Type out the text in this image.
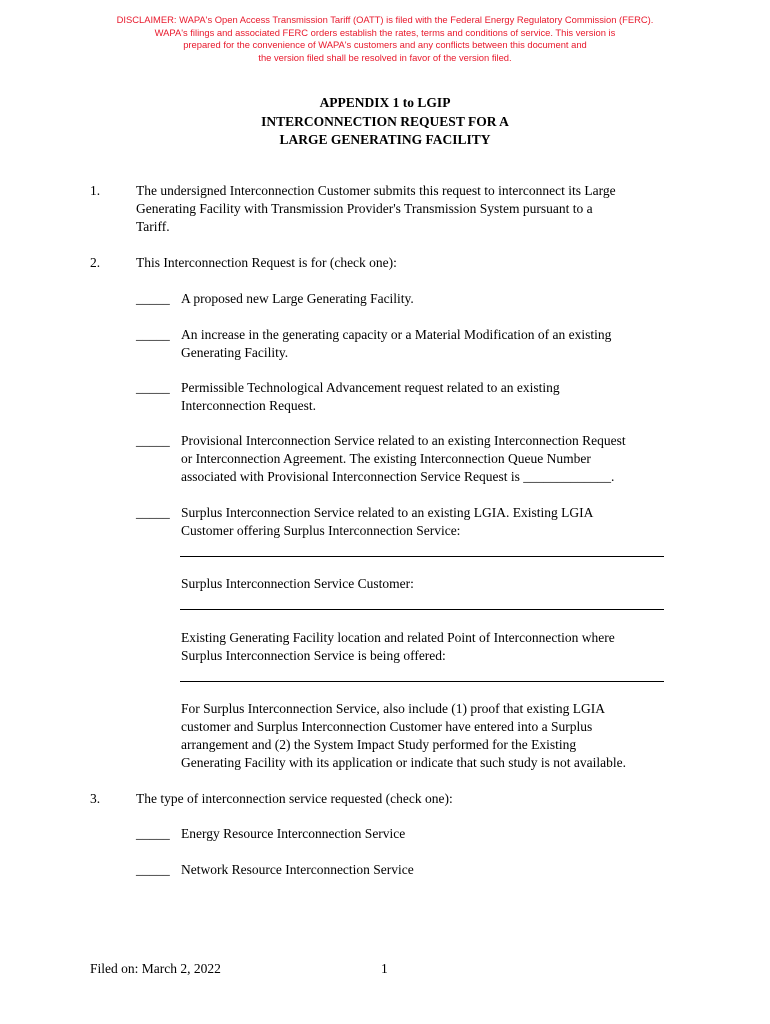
DISCLAIMER: WAPA's Open Access Transmission Tariff (OATT) is filed with the Federal Energy Regulatory Commission (FERC).
WAPA's filings and associated FERC orders establish the rates, terms and conditions of service. This version is
prepared for the convenience of WAPA's customers and any conflicts between this document and
the version filed shall be resolved in favor of the version filed.
APPENDIX 1 to LGIP
INTERCONNECTION REQUEST FOR A
LARGE GENERATING FACILITY
1.	The undersigned Interconnection Customer submits this request to interconnect its Large
Generating Facility with Transmission Provider's Transmission System pursuant to a
Tariff.
2.	This Interconnection Request is for (check one):
_____ A proposed new Large Generating Facility.
_____ An increase in the generating capacity or a Material Modification of an existing
Generating Facility.
_____ Permissible Technological Advancement request related to an existing
Interconnection Request.
_____ Provisional Interconnection Service related to an existing Interconnection Request
or Interconnection Agreement. The existing Interconnection Queue Number
associated with Provisional Interconnection Service Request is _____________.
_____ Surplus Interconnection Service related to an existing LGIA. Existing LGIA
Customer offering Surplus Interconnection Service:
Surplus Interconnection Service Customer:
Existing Generating Facility location and related Point of Interconnection where
Surplus Interconnection Service is being offered:
For Surplus Interconnection Service, also include (1) proof that existing LGIA
customer and Surplus Interconnection Customer have entered into a Surplus
arrangement and (2) the System Impact Study performed for the Existing
Generating Facility with its application or indicate that such study is not available.
3.	The type of interconnection service requested (check one):
_____ Energy Resource Interconnection Service
_____ Network Resource Interconnection Service
Filed on: March 2, 2022	1
